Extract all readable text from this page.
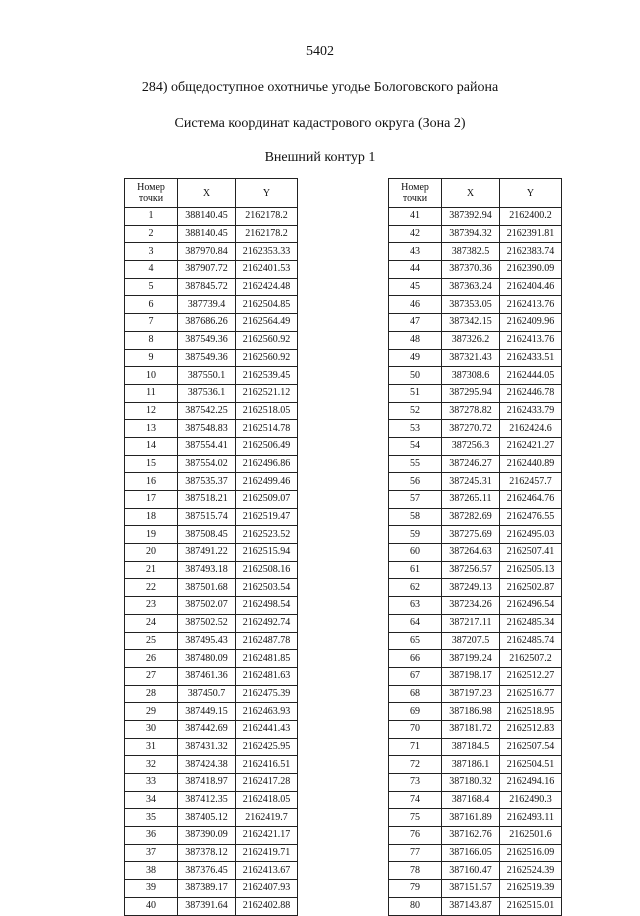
5402
284) общедоступное охотничье угодье Бологовского района
Система координат кадастрового округа (Зона 2)
Внешний контур 1
Номер
точки	X	Y
1	388140.45	2162178.2
2	388140.45	2162178.2
3	387970.84	2162353.33
4	387907.72	2162401.53
5	387845.72	2162424.48
6	387739.4	2162504.85
7	387686.26	2162564.49
8	387549.36	2162560.92
9	387549.36	2162560.92
10	387550.1	2162539.45
11	387536.1	2162521.12
12	387542.25	2162518.05
13	387548.83	2162514.78
14	387554.41	2162506.49
15	387554.02	2162496.86
16	387535.37	2162499.46
17	387518.21	2162509.07
18	387515.74	2162519.47
19	387508.45	2162523.52
20	387491.22	2162515.94
21	387493.18	2162508.16
22	387501.68	2162503.54
23	387502.07	2162498.54
24	387502.52	2162492.74
25	387495.43	2162487.78
26	387480.09	2162481.85
27	387461.36	2162481.63
28	387450.7	2162475.39
29	387449.15	2162463.93
30	387442.69	2162441.43
31	387431.32	2162425.95
32	387424.38	2162416.51
33	387418.97	2162417.28
34	387412.35	2162418.05
35	387405.12	2162419.7
36	387390.09	2162421.17
37	387378.12	2162419.71
38	387376.45	2162413.67
39	387389.17	2162407.93
40	387391.64	2162402.88
Номер
точки	X	Y
41	387392.94	2162400.2
42	387394.32	2162391.81
43	387382.5	2162383.74
44	387370.36	2162390.09
45	387363.24	2162404.46
46	387353.05	2162413.76
47	387342.15	2162409.96
48	387326.2	2162413.76
49	387321.43	2162433.51
50	387308.6	2162444.05
51	387295.94	2162446.78
52	387278.82	2162433.79
53	387270.72	2162424.6
54	387256.3	2162421.27
55	387246.27	2162440.89
56	387245.31	2162457.7
57	387265.11	2162464.76
58	387282.69	2162476.55
59	387275.69	2162495.03
60	387264.63	2162507.41
61	387256.57	2162505.13
62	387249.13	2162502.87
63	387234.26	2162496.54
64	387217.11	2162485.34
65	387207.5	2162485.74
66	387199.24	2162507.2
67	387198.17	2162512.27
68	387197.23	2162516.77
69	387186.98	2162518.95
70	387181.72	2162512.83
71	387184.5	2162507.54
72	387186.1	2162504.51
73	387180.32	2162494.16
74	387168.4	2162490.3
75	387161.89	2162493.11
76	387162.76	2162501.6
77	387166.05	2162516.09
78	387160.47	2162524.39
79	387151.57	2162519.39
80	387143.87	2162515.01
